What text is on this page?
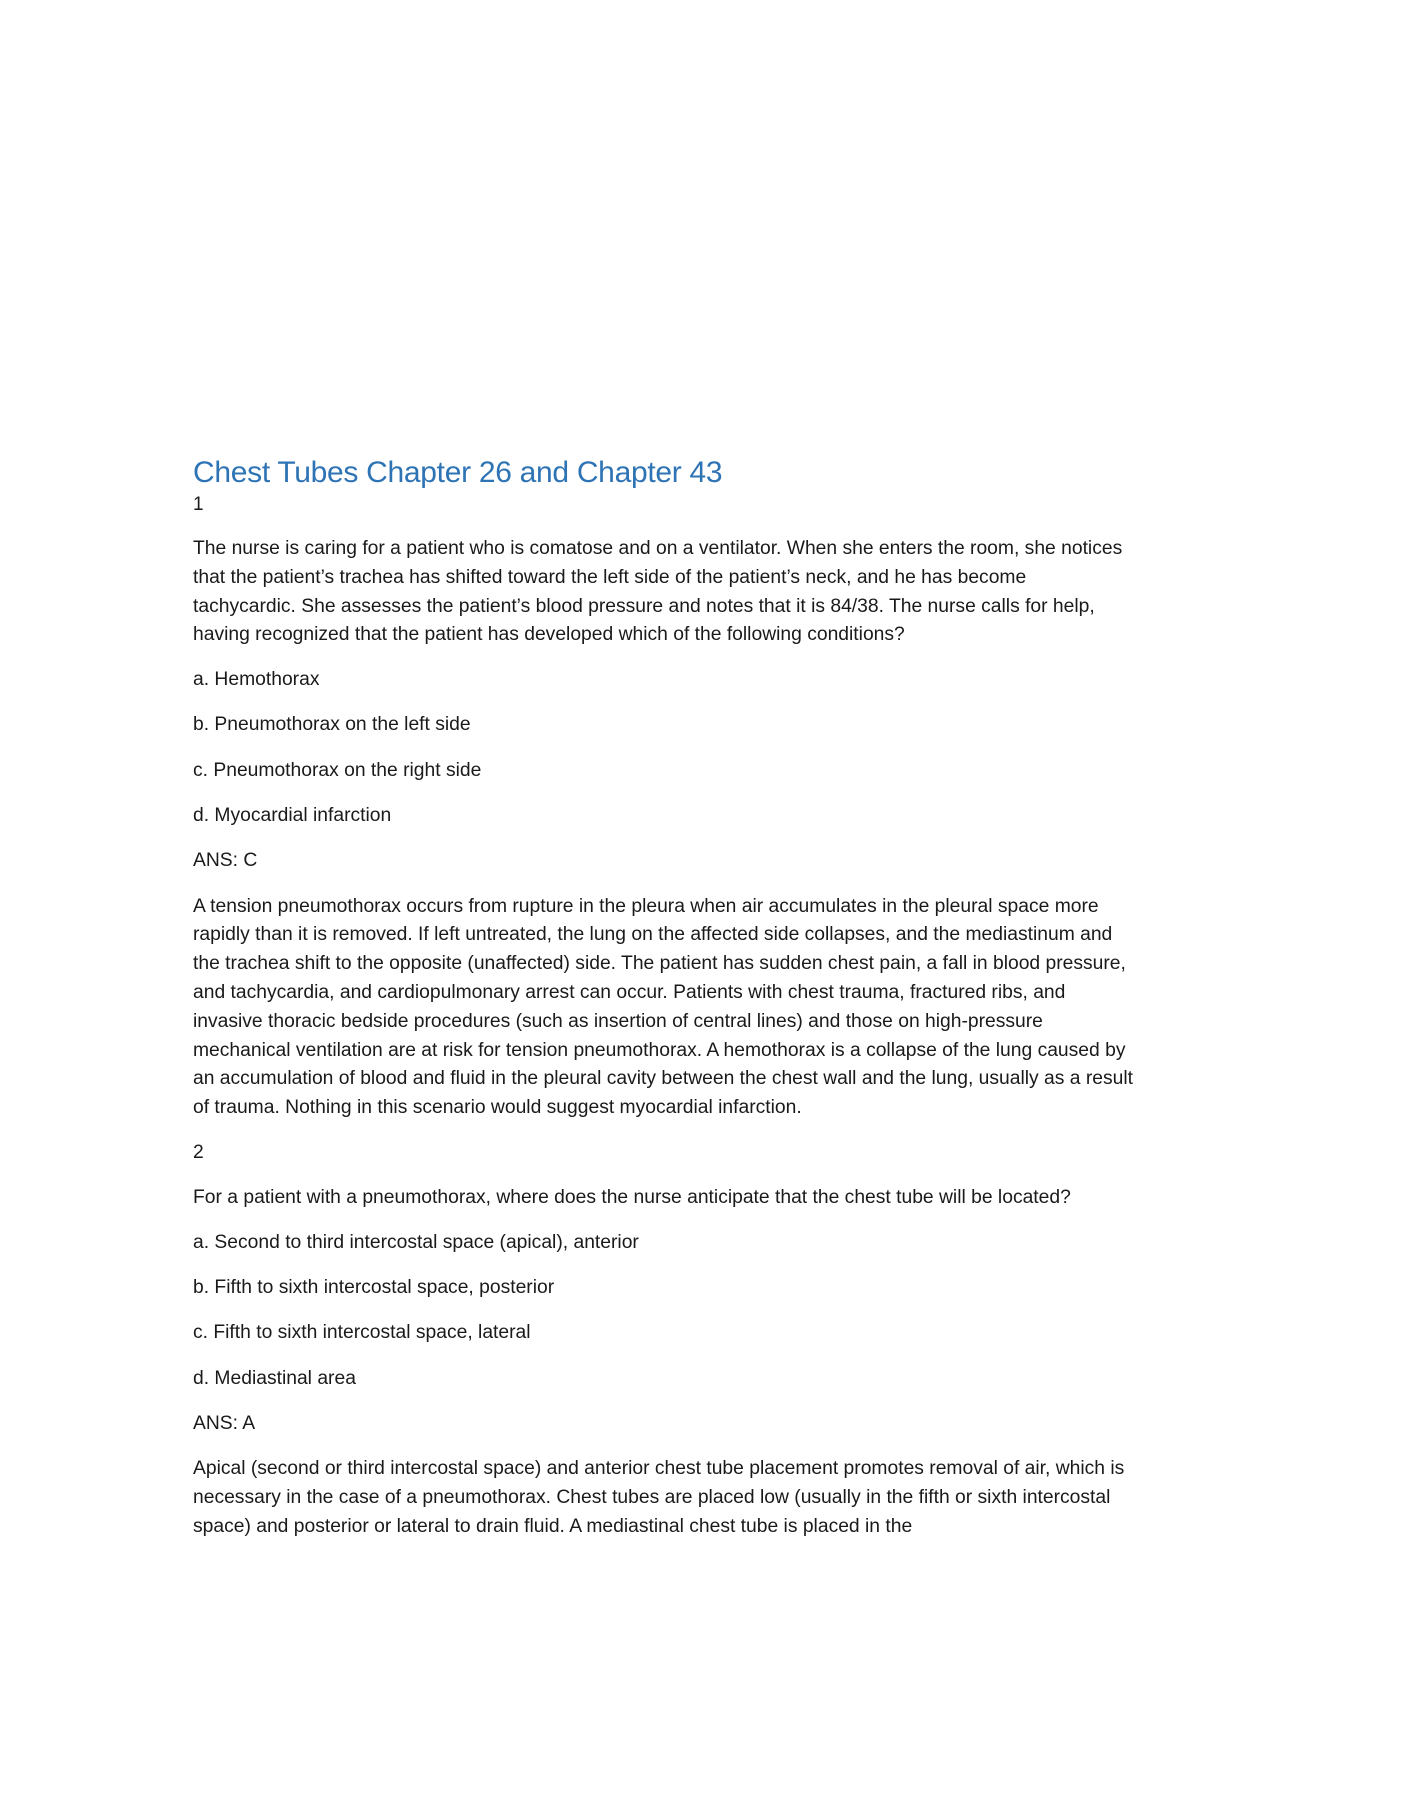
Chest Tubes Chapter 26 and Chapter 43
1

The nurse is caring for a patient who is comatose and on a ventilator. When she enters the room, she notices that the patient’s trachea has shifted toward the left side of the patient’s neck, and he has become tachycardic. She assesses the patient’s blood pressure and notes that it is 84/38. The nurse calls for help, having recognized that the patient has developed which of the following conditions?

a. Hemothorax

b. Pneumothorax on the left side

c. Pneumothorax on the right side

d. Myocardial infarction

ANS: C

A tension pneumothorax occurs from rupture in the pleura when air accumulates in the pleural space more rapidly than it is removed. If left untreated, the lung on the affected side collapses, and the mediastinum and the trachea shift to the opposite (unaffected) side. The patient has sudden chest pain, a fall in blood pressure, and tachycardia, and cardiopulmonary arrest can occur. Patients with chest trauma, fractured ribs, and invasive thoracic bedside procedures (such as insertion of central lines) and those on high-pressure mechanical ventilation are at risk for tension pneumothorax. A hemothorax is a collapse of the lung caused by an accumulation of blood and fluid in the pleural cavity between the chest wall and the lung, usually as a result of trauma. Nothing in this scenario would suggest myocardial infarction.

2

For a patient with a pneumothorax, where does the nurse anticipate that the chest tube will be located?

a. Second to third intercostal space (apical), anterior

b. Fifth to sixth intercostal space, posterior

c. Fifth to sixth intercostal space, lateral

d. Mediastinal area

ANS: A

Apical (second or third intercostal space) and anterior chest tube placement promotes removal of air, which is necessary in the case of a pneumothorax. Chest tubes are placed low (usually in the fifth or sixth intercostal space) and posterior or lateral to drain fluid. A mediastinal chest tube is placed in the
